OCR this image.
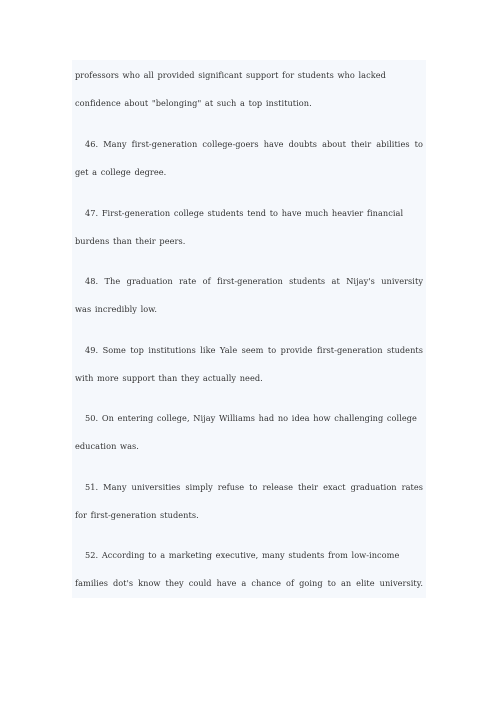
professors who all provided significant support for students who lacked
confidence about "belonging" at such a top institution.
46. Many first-generation college-goers have doubts about their abilities to
get a college degree.
47. First-generation college students tend to have much heavier financial
burdens than their peers.
48. The graduation rate of first-generation students at Nijay's university
was incredibly low.
49. Some top institutions like Yale seem to provide first-generation students
with more support than they actually need.
50. On entering college, Nijay Williams had no idea how challenging college
education was.
51. Many universities simply refuse to release their exact graduation rates
for first-generation students.
52. According to a marketing executive, many students from low-income
families dot's know they could have a chance of going to an elite university.
